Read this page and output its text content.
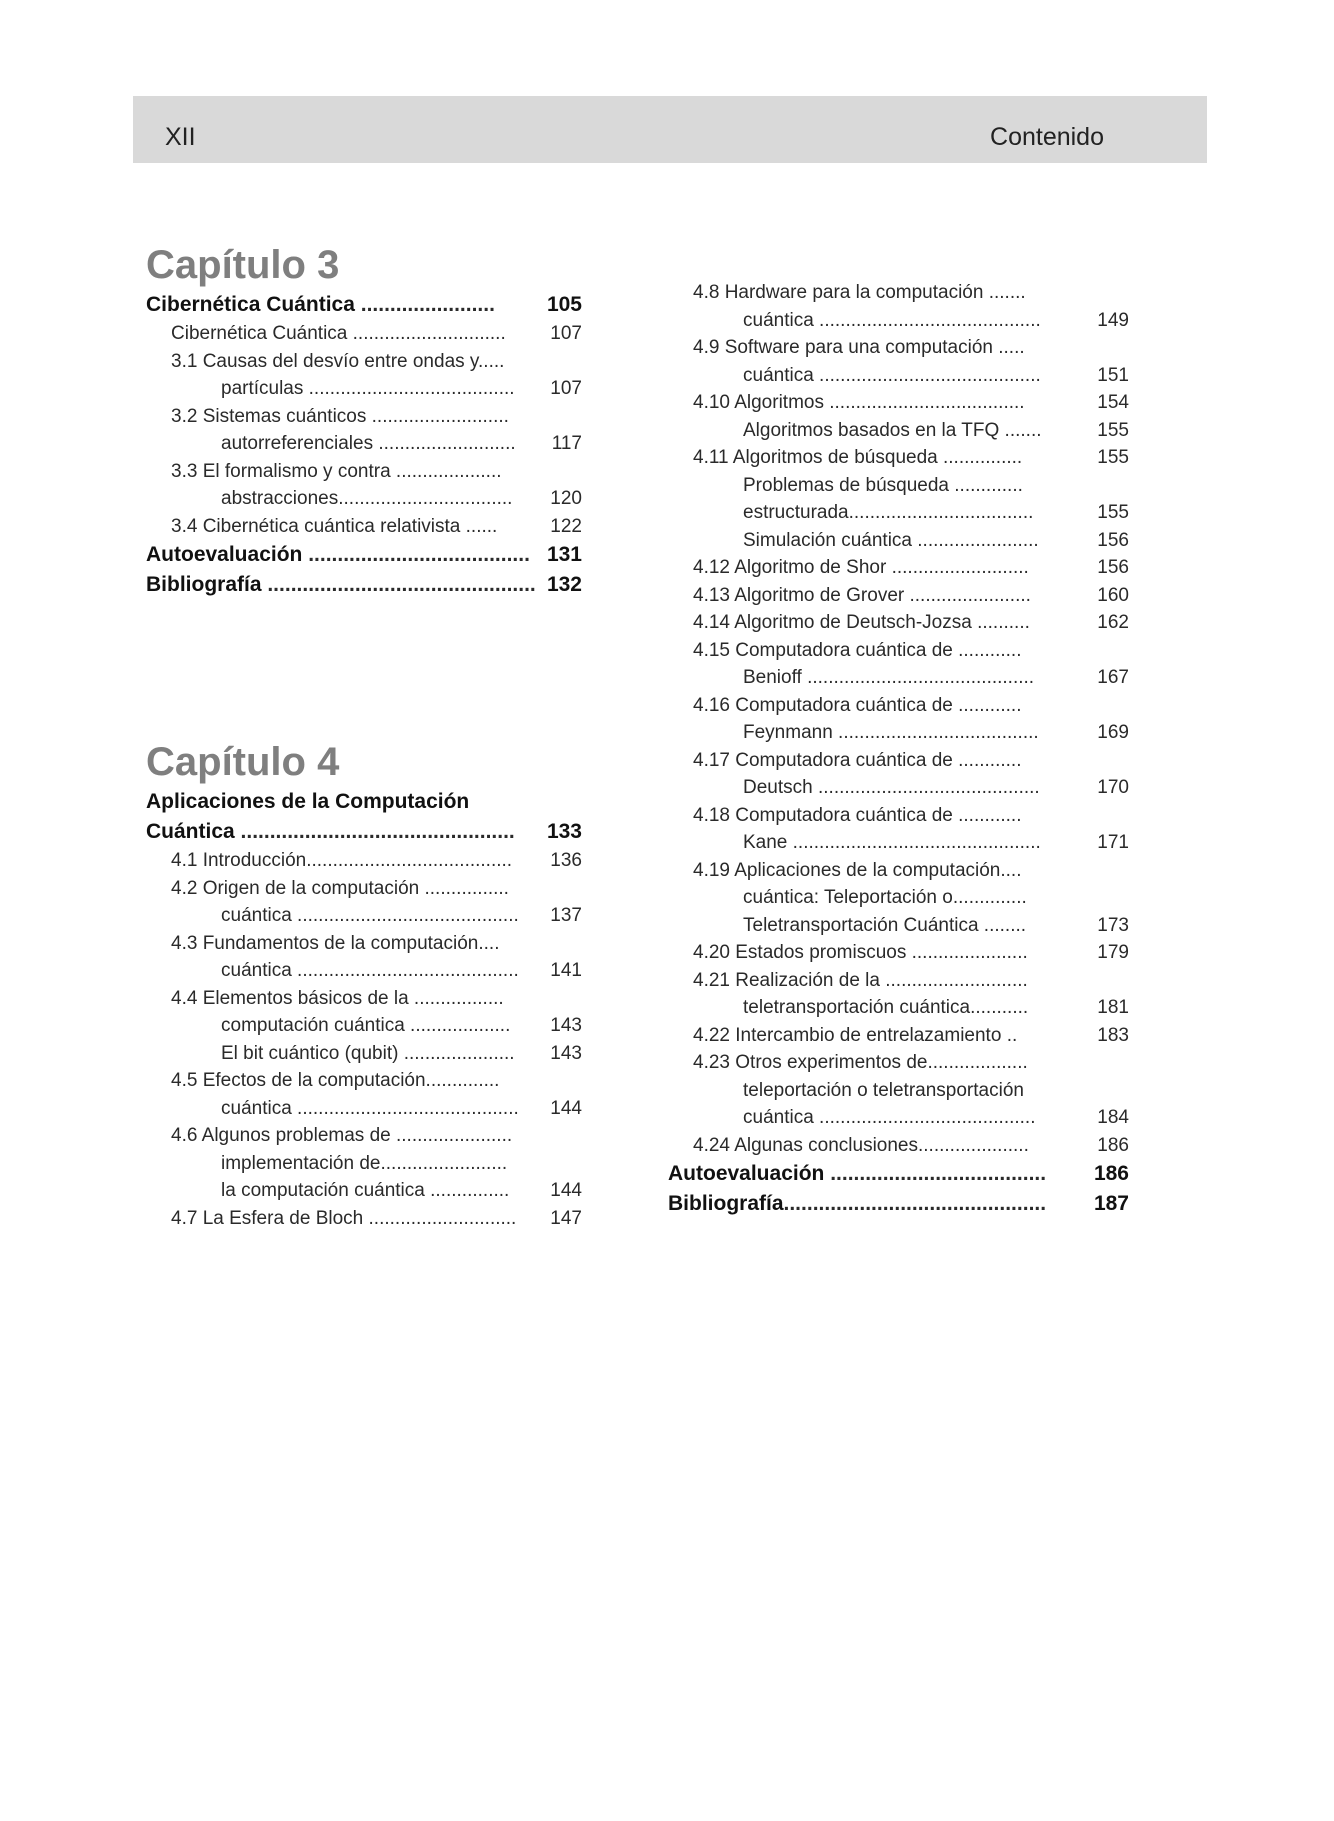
XII	Contenido
Capítulo 3
Cibernética Cuántica ....................... 105
Cibernética Cuántica ............................. 107
3.1 Causas del desvío entre ondas y.....
partículas ....................................... 107
3.2 Sistemas cuánticos ..........................
autorreferenciales .......................... 117
3.3 El formalismo y contra ....................
abstracciones................................. 120
3.4 Cibernética cuántica relativista ......	122
Autoevaluación ...................................... 131
Bibliografía .............................................. 132
Capítulo 4
Aplicaciones de la Computación
Cuántica ............................................... 133
4.1 Introducción....................................... 136
4.2 Origen de la computación ................
cuántica .......................................... 137
4.3 Fundamentos de la computación....
cuántica .......................................... 141
4.4 Elementos básicos de la .................
computación cuántica ................... 143
El bit cuántico (qubit) ..................... 143
4.5 Efectos de la computación..............
cuántica .......................................... 144
4.6 Algunos problemas de ......................
implementación de........................
la computación cuántica ............... 144
4.7 La Esfera de Bloch ............................ 147
4.8 Hardware para la computación .......
cuántica ..........................................	149
4.9 Software para una computación .....
cuántica ..........................................	151
4.10 Algoritmos .....................................	154
Algoritmos basados en la TFQ .......	155
4.11 Algoritmos de búsqueda ...............	155
Problemas de búsqueda .............
estructurada...................................	155
Simulación cuántica .......................	156
4.12 Algoritmo de Shor ..........................	156
4.13 Algoritmo de Grover .......................	160
4.14 Algoritmo de Deutsch-Jozsa ..........	162
4.15 Computadora cuántica de ............
Benioff ...........................................	167
4.16 Computadora cuántica de ............
Feynmann ......................................	169
4.17 Computadora cuántica de ............
Deutsch ..........................................	170
4.18 Computadora cuántica de ............
Kane ...............................................	171
4.19 Aplicaciones de la computación....
cuántica: Teleportación o..............
Teletransportación Cuántica ........	173
4.20 Estados promiscuos ......................	179
4.21 Realización de la ...........................
teletransportación cuántica...........	181
4.22 Intercambio de entrelazamiento ..	183
4.23 Otros experimentos de...................
teleportación o teletransportación
cuántica .........................................	184
4.24 Algunas conclusiones.....................	186
Autoevaluación ..................................... 186
Bibliografía............................................. 187
